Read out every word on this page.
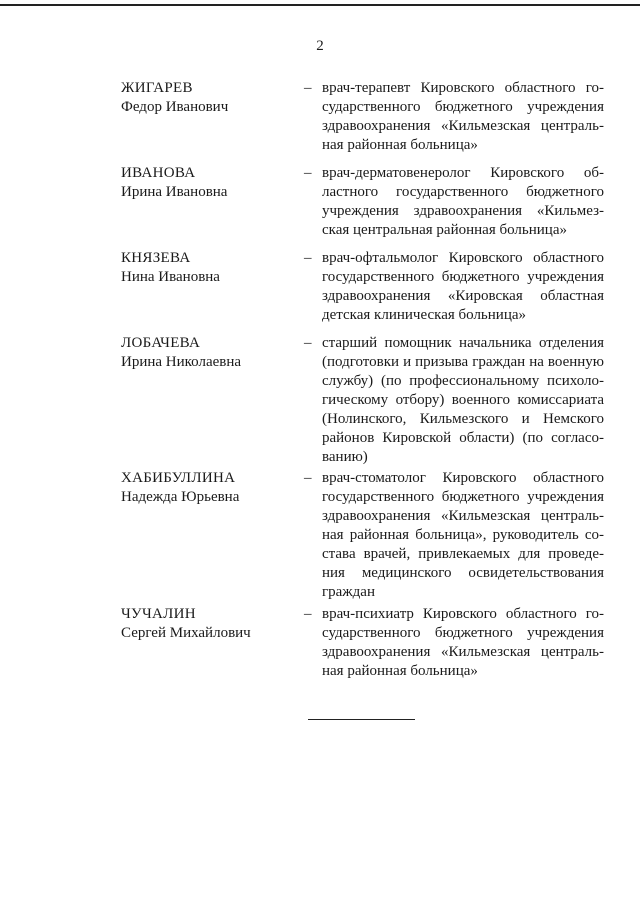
2
ЖИГАРЕВ
Федор Иванович
– врач-терапевт Кировского областного государственного бюджетного учреждения здравоохранения «Кильмезская центральная районная больница»
ИВАНОВА
Ирина Ивановна
– врач-дерматовенеролог Кировского областного государственного бюджетного учреждения здравоохранения «Кильмезская центральная районная больница»
КНЯЗЕВА
Нина Ивановна
– врач-офтальмолог Кировского областного государственного бюджетного учреждения здравоохранения «Кировская областная детская клиническая больница»
ЛОБАЧЕВА
Ирина Николаевна
– старший помощник начальника отделения (подготовки и призыва граждан на военную службу) (по профессиональному психологическому отбору) военного комиссариата (Нолинского, Кильмезского и Немского районов Кировской области) (по согласованию)
ХАБИБУЛЛИНА
Надежда Юрьевна
– врач-стоматолог Кировского областного государственного бюджетного учреждения здравоохранения «Кильмезская центральная районная больница», руководитель состава врачей, привлекаемых для проведения медицинского освидетельствования граждан
ЧУЧАЛИН
Сергей Михайлович
– врач-психиатр Кировского областного государственного бюджетного учреждения здравоохранения «Кильмезская центральная районная больница»
